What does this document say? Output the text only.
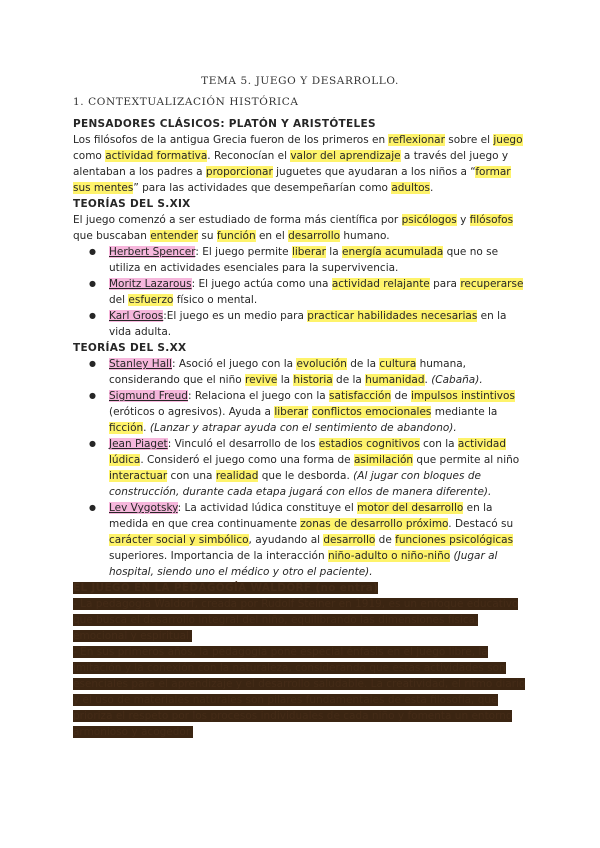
TEMA 5. JUEGO Y DESARROLLO.
1. CONTEXTUALIZACIÓN HISTÓRICA
PENSADORES CLÁSICOS: PLATÓN Y ARISTÓTELES

Los filósofos de la antigua Grecia fueron de los primeros en reflexionar sobre el juego como actividad formativa. Reconocían el valor del aprendizaje a través del juego y alentaban a los padres a proporcionar juguetes que ayudaran a los niños a “formar sus mentes” para las actividades que desempeñarían como adultos.

TEORÍAS DEL S.XIX

El juego comenzó a ser estudiado de forma más científica por psicólogos y filósofos que buscaban entender su función en el desarrollo humano.

● Herbert Spencer: El juego permite liberar la energía acumulada que no se utiliza en actividades esenciales para la supervivencia.
● Moritz Lazarous: El juego actúa como una actividad relajante para recuperarse del esfuerzo físico o mental.
● Karl Groos:El juego es un medio para practicar habilidades necesarias en la vida adulta.
TEORÍAS DEL S.XX
● Stanley Hall: Asoció el juego con la evolución de la cultura humana, considerando que el niño revive la historia de la humanidad. (Cabaña).
● Sigmund Freud: Relaciona el juego con la satisfacción de impulsos instintivos (eróticos o agresivos). Ayuda a liberar conflictos emocionales mediante la ficción. (Lanzar y atrapar ayuda con el sentimiento de abandono).
● Jean Piaget: Vinculó el desarrollo de los estadios cognitivos con la actividad lúdica. Consideró el juego como una forma de asimilación que permite al niño interactuar con una realidad que le desborda. (Al jugar con bloques de construcción, durante cada etapa jugará con ellos de manera diferente).
● Lev Vygotsky: La actividad lúdica constituye el motor del desarrollo en la medida en que crea continuamente zonas de desarrollo próximo. Destacó su carácter social y simbólico, ayudando al desarrollo de funciones psicológicas superiores. Importancia de la interacción niño-adulto o niño-niño (Jugar al hospital, siendo uno el médico y otro el paciente).
EL JUEGO EN LA PEDAGOGÍA WALDORF (no entra)

- La pedagogía Waldorf, creada por Rudolf Steiner en 1919, es un enfoque educativo que busca el desarrollo integral del niño, equilibrando las dimensiones física, emocional y espiritual.

- En sus primeros años, la pedagogía pone especial énfasis en el juego libre, la imitación y la conexión con la naturaleza, considerando que estas actividades son esenciales para el aprendizaje y el desarrollo saludable. La creatividad, el ritmo diario y el uso de materiales naturales son pilares fundamentales de esta filosofía, que prioriza el respeto por los procesos individuales de cada niño y fomenta un entorno armonioso y acogedor.
